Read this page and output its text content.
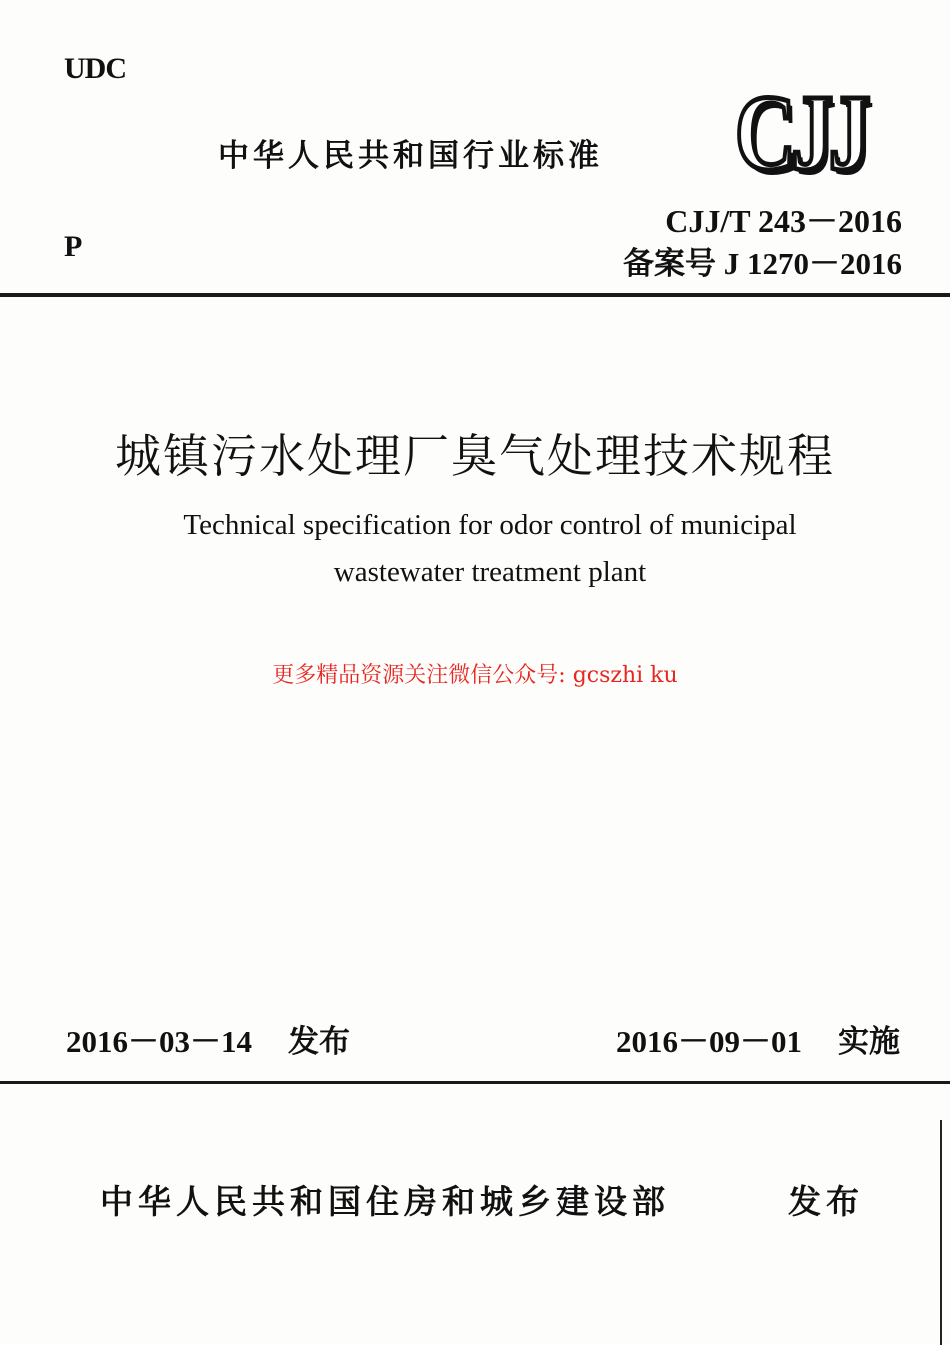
UDC
中华人民共和国行业标准 CJJ
P
CJJ/T 243－2016
备案号 J 1270－2016
城镇污水处理厂臭气处理技术规程
Technical specification for odor control of municipal
wastewater treatment plant
更多精品资源关注微信公众号: gcszhi ku
2016－03－14 发布	2016－09－01 实施
中华人民共和国住房和城乡建设部	发布
